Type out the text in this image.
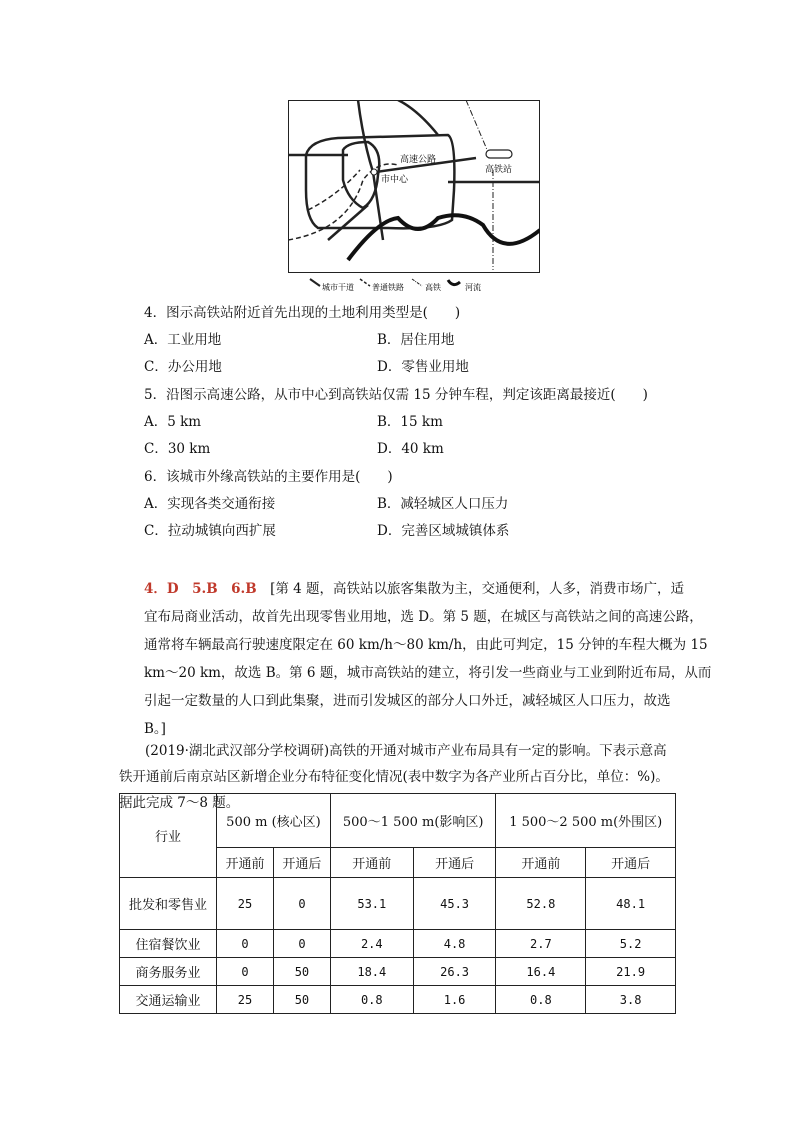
高速公路
高铁站
市中心
城市干道 普通铁路	高铁	河流
4．图示高铁站附近首先出现的土地利用类型是(　　)
A．工业用地	B．居住用地
C．办公用地	D．零售业用地
5．沿图示高速公路，从市中心到高铁站仅需 15 分钟车程，判定该距离最接近(　　)
A．5 km	B．15 km
C．30 km	D．40 km
6．该城市外缘高铁站的主要作用是(　　)
A．实现各类交通衔接	B．减轻城区人口压力
C．拉动城镇向西扩展	D．完善区域城镇体系
4．D　5.B　6.B　[第 4 题，高铁站以旅客集散为主，交通便利，人多，消费市场广，适
宜布局商业活动，故首先出现零售业用地，选 D。第 5 题，在城区与高铁站之间的高速公路，
通常将车辆最高行驶速度限定在 60 km/h～80 km/h，由此可判定，15 分钟的车程大概为 15
km～20 km，故选 B。第 6 题，城市高铁站的建立，将引发一些商业与工业到附近布局，从而
引起一定数量的人口到此集聚，进而引发城区的部分人口外迁，减轻城区人口压力，故选
B。]
(2019·湖北武汉部分学校调研)高铁的开通对城市产业布局具有一定的影响。下表示意高铁开通前后南京站区新增企业分布特征变化情况(表中数字为各产业所占百分比，单位：%)。据此完成 7～8 题。
行业	500 m (核心区)		500～1 500 m(影响区)		1 500～2 500 m(外围区)	
	开通前	开通后	开通前	开通后	开通前	开通后
批发和零售业	25	0	53.1	45.3	52.8	48.1
住宿餐饮业	0	0	2.4	4.8	2.7	5.2
商务服务业	0	50	18.4	26.3	16.4	21.9
交通运输业	25	50	0.8	1.6	0.8	3.8
